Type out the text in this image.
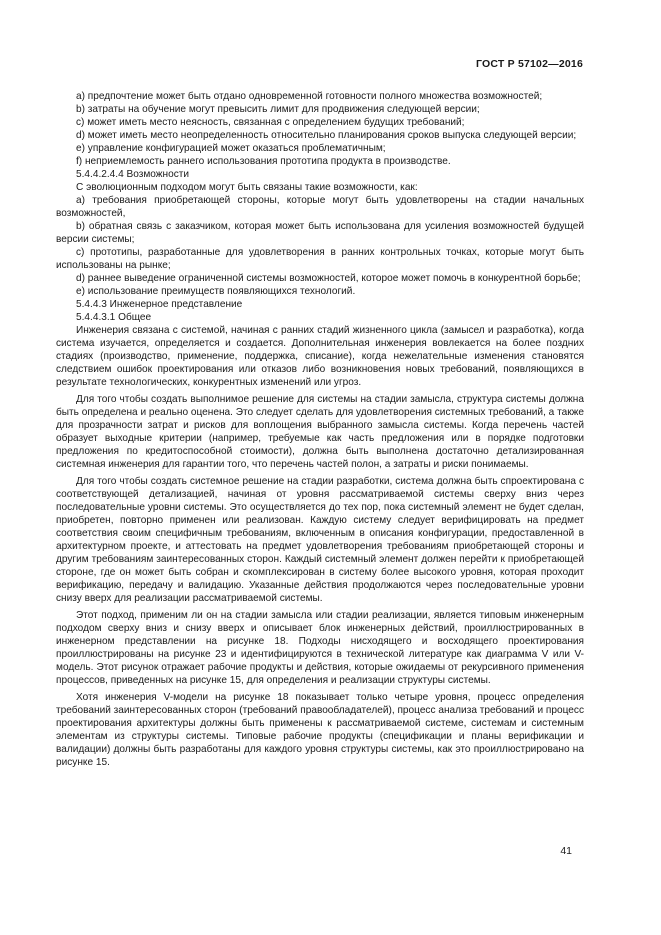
ГОСТ Р 57102—2016

a) предпочтение может быть отдано одновременной готовности полного множества возможностей;

b) затраты на обучение могут превысить лимит для продвижения следующей версии;

c) может иметь место неясность, связанная с определением будущих требований;

d) может иметь место неопределенность относительно планирования сроков выпуска следующей версии;

e) управление конфигурацией может оказаться проблематичным;

f) неприемлемость раннего использования прототипа продукта в производстве.

5.4.4.2.4.4 Возможности

С эволюционным подходом могут быть связаны такие возможности, как:

a) требования приобретающей стороны, которые могут быть удовлетворены на стадии начальных возможностей,

b) обратная связь с заказчиком, которая может быть использована для усиления возможностей будущей версии системы;

c) прототипы, разработанные для удовлетворения в ранних контрольных точках, которые могут быть использованы на рынке;

d) раннее выведение ограниченной системы возможностей, которое может помочь в конкурентной борьбе;

e) использование преимуществ появляющихся технологий.

5.4.4.3 Инженерное представление

5.4.4.3.1 Общее

Инженерия связана с системой, начиная с ранних стадий жизненного цикла (замысел и разработка), когда система изучается, определяется и создается. Дополнительная инженерия вовлекается на более поздних стадиях (производство, применение, поддержка, списание), когда нежелательные изменения становятся следствием ошибок проектирования или отказов либо возникновения новых требований, появляющихся в результате технологических, конкурентных изменений или угроз.

Для того чтобы создать выполнимое решение для системы на стадии замысла, структура системы должна быть определена и реально оценена. Это следует сделать для удовлетворения системных требований, а также для прозрачности затрат и рисков для воплощения выбранного замысла системы. Когда перечень частей образует выходные критерии (например, требуемые как часть предложения или в порядке подготовки предложения по кредитоспособной стоимости), должна быть выполнена достаточно детализированная системная инженерия для гарантии того, что перечень частей полон, а затраты и риски понимаемы.

Для того чтобы создать системное решение на стадии разработки, система должна быть спроектирована с соответствующей детализацией, начиная от уровня рассматриваемой системы сверху вниз через последовательные уровни системы. Это осуществляется до тех пор, пока системный элемент не будет сделан, приобретен, повторно применен или реализован. Каждую систему следует верифицировать на предмет соответствия своим специфичным требованиям, включенным в описания конфигурации, предоставленной в архитектурном проекте, и аттестовать на предмет удовлетворения требованиям приобретающей стороны и другим требованиям заинтересованных сторон. Каждый системный элемент должен перейти к приобретающей стороне, где он может быть собран и скомплексирован в систему более высокого уровня, которая проходит верификацию, передачу и валидацию. Указанные действия продолжаются через последовательные уровни снизу вверх для реализации рассматриваемой системы.

Этот подход, применим ли он на стадии замысла или стадии реализации, является типовым инженерным подходом сверху вниз и снизу вверх и описывает блок инженерных действий, проиллюстрированных в инженерном представлении на рисунке 18. Подходы нисходящего и восходящего проектирования проиллюстрированы на рисунке 23 и идентифицируются в технической литературе как диаграмма V или V-модель. Этот рисунок отражает рабочие продукты и действия, которые ожидаемы от рекурсивного применения процессов, приведенных на рисунке 15, для определения и реализации структуры системы.

Хотя инженерия V-модели на рисунке 18 показывает только четыре уровня, процесс определения требований заинтересованных сторон (требований правообладателей), процесс анализа требований и процесс проектирования архитектуры должны быть применены к рассматриваемой системе, системам и системным элементам из структуры системы. Типовые рабочие продукты (спецификации и планы верификации и валидации) должны быть разработаны для каждого уровня структуры системы, как это проиллюстрировано на рисунке 15.

41
